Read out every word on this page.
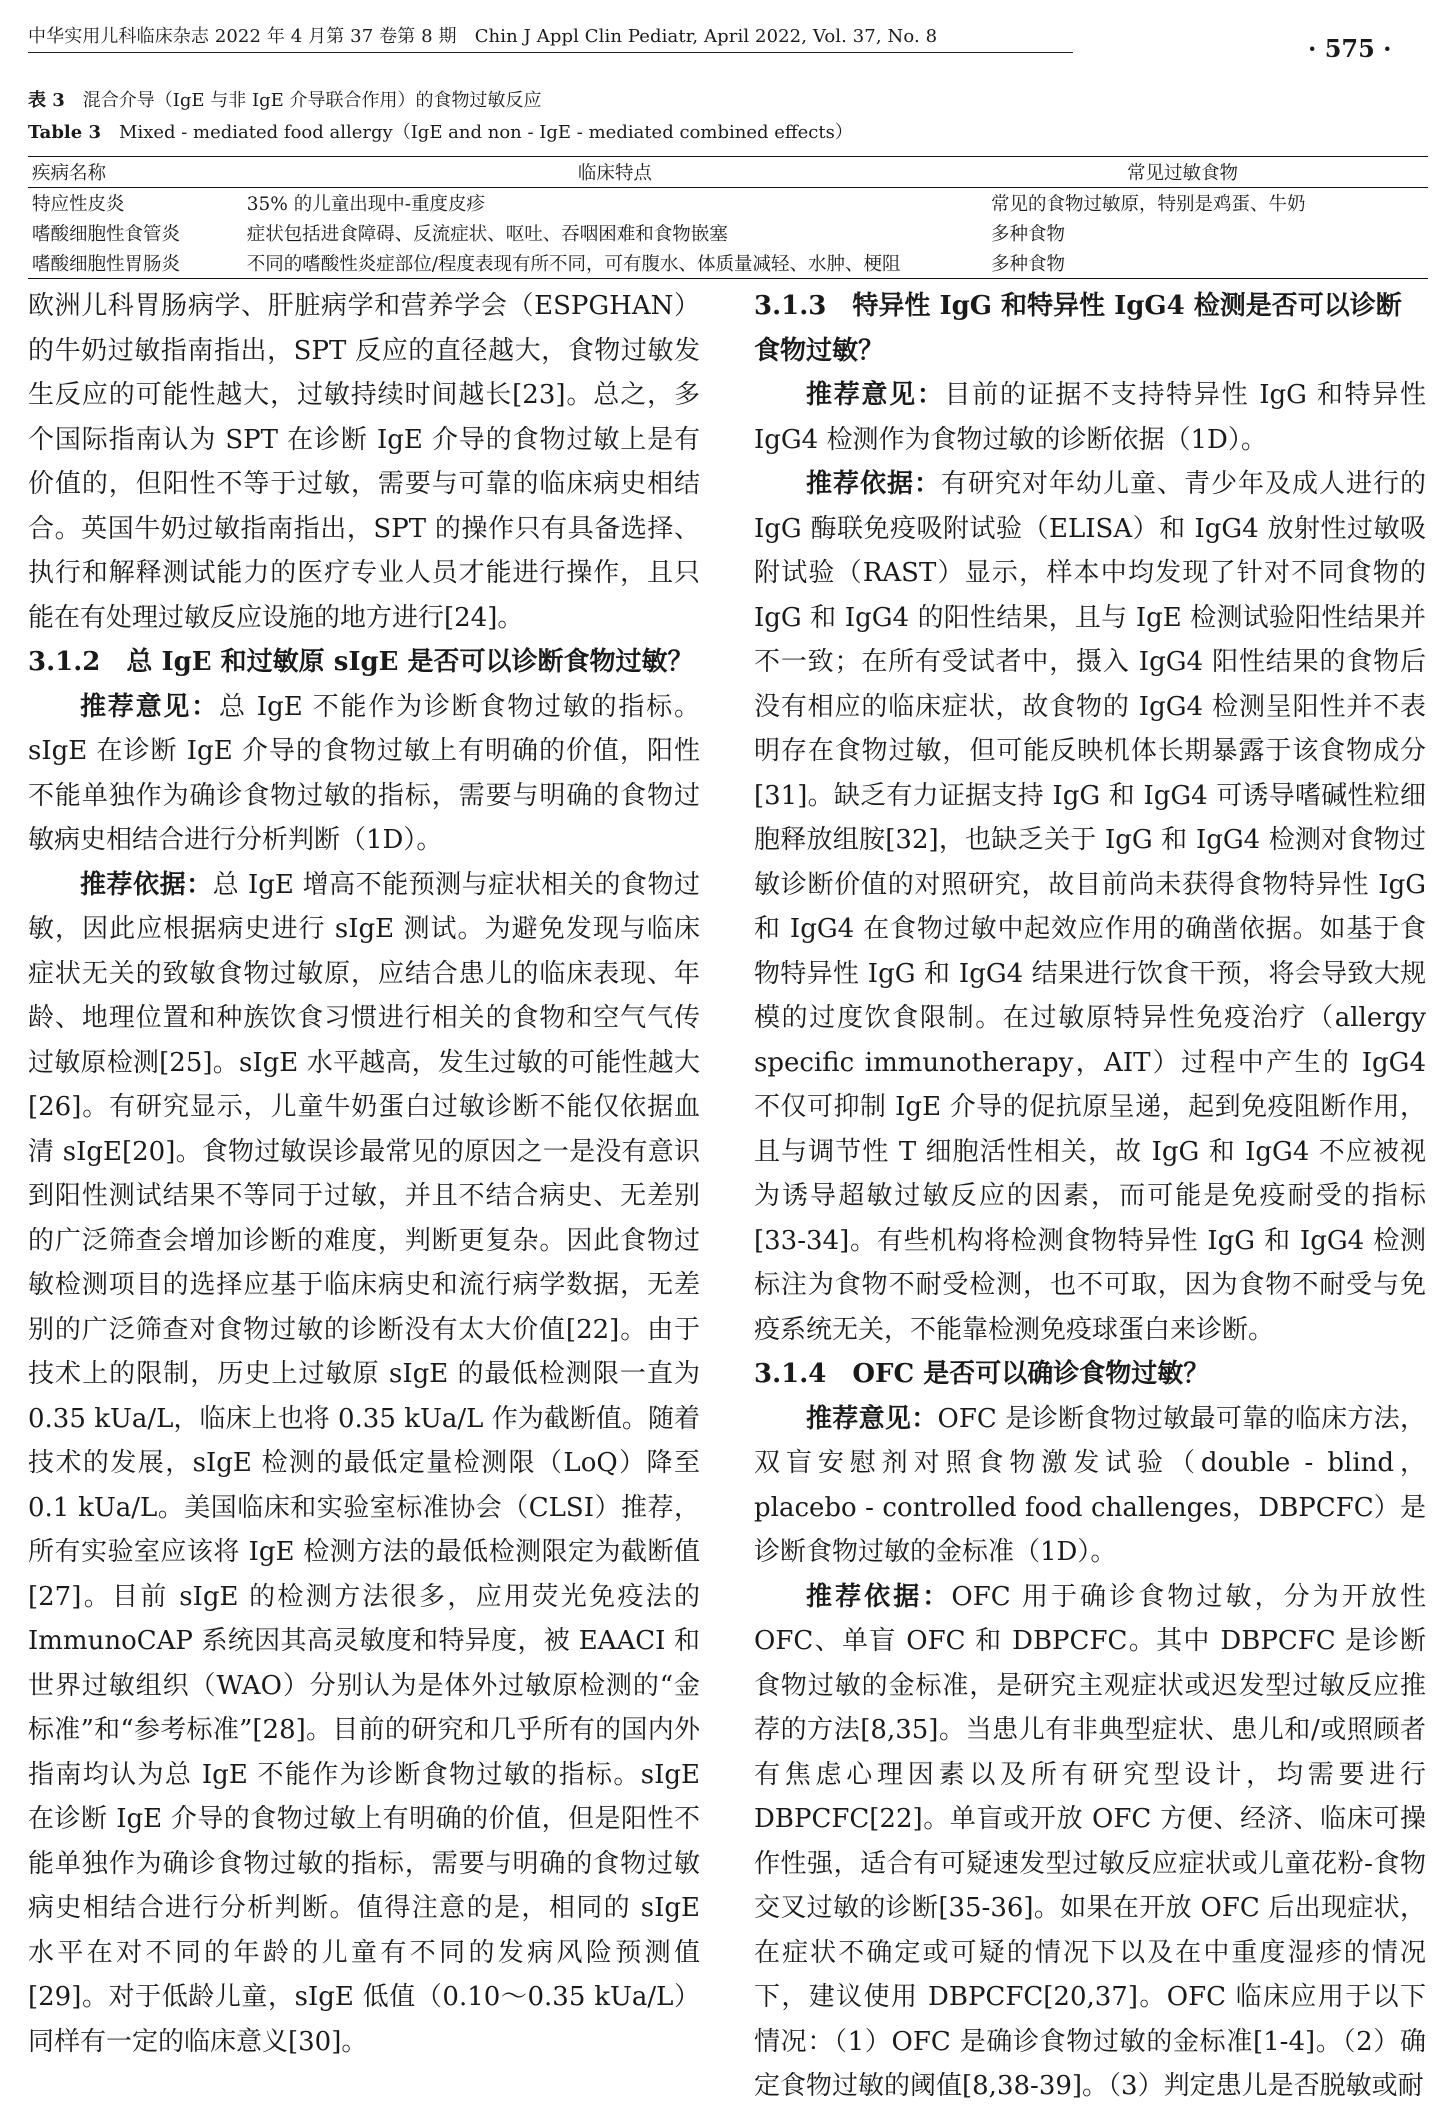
中华实用儿科临床杂志 2022 年 4 月第 37 卷第 8 期　Chin J Appl Clin Pediatr, April 2022, Vol. 37, No. 8	· 575 ·
表 3 混合介导（IgE 与非 IgE 介导联合作用）的食物过敏反应
Table 3 Mixed - mediated food allergy（IgE and non - IgE - mediated combined effects）
疾病名称	临床特点	常见过敏食物
特应性皮炎	35% 的儿童出现中-重度皮疹	常见的食物过敏原，特别是鸡蛋、牛奶
嗜酸细胞性食管炎	症状包括进食障碍、反流症状、呕吐、吞咽困难和食物嵌塞	多种食物
嗜酸细胞性胃肠炎	不同的嗜酸性炎症部位/程度表现有所不同，可有腹水、体质量减轻、水肿、梗阻	多种食物

欧洲儿科胃肠病学、肝脏病学和营养学会（ESPGHAN）的牛奶过敏指南指出，SPT 反应的直径越大，食物过敏发生反应的可能性越大，过敏持续时间越长[23]。总之，多个国际指南认为 SPT 在诊断 IgE 介导的食物过敏上是有价值的，但阳性不等于过敏，需要与可靠的临床病史相结合。英国牛奶过敏指南指出，SPT 的操作只有具备选择、执行和解释测试能力的医疗专业人员才能进行操作，且只能在有处理过敏反应设施的地方进行[24]。

3.1.2 总 IgE 和过敏原 sIgE 是否可以诊断食物过敏？

推荐意见：总 IgE 不能作为诊断食物过敏的指标。sIgE 在诊断 IgE 介导的食物过敏上有明确的价值，阳性不能单独作为确诊食物过敏的指标，需要与明确的食物过敏病史相结合进行分析判断（1D）。

推荐依据：总 IgE 增高不能预测与症状相关的食物过敏，因此应根据病史进行 sIgE 测试。为避免发现与临床症状无关的致敏食物过敏原，应结合患儿的临床表现、年龄、地理位置和种族饮食习惯进行相关的食物和空气气传过敏原检测[25]。sIgE 水平越高，发生过敏的可能性越大[26]。有研究显示，儿童牛奶蛋白过敏诊断不能仅依据血清 sIgE[20]。食物过敏误诊最常见的原因之一是没有意识到阳性测试结果不等同于过敏，并且不结合病史、无差别的广泛筛查会增加诊断的难度，判断更复杂。因此食物过敏检测项目的选择应基于临床病史和流行病学数据，无差别的广泛筛查对食物过敏的诊断没有太大价值[22]。由于技术上的限制，历史上过敏原 sIgE 的最低检测限一直为 0.35 kUa/L，临床上也将 0.35 kUa/L 作为截断值。随着技术的发展，sIgE 检测的最低定量检测限（LoQ）降至 0.1 kUa/L。美国临床和实验室标准协会（CLSI）推荐，所有实验室应该将 IgE 检测方法的最低检测限定为截断值[27]。目前 sIgE 的检测方法很多，应用荧光免疫法的 ImmunoCAP 系统因其高灵敏度和特异度，被 EAACI 和世界过敏组织（WAO）分别认为是体外过敏原检测的“金标准”和“参考标准”[28]。目前的研究和几乎所有的国内外指南均认为总 IgE 不能作为诊断食物过敏的指标。sIgE 在诊断 IgE 介导的食物过敏上有明确的价值，但是阳性不能单独作为确诊食物过敏的指标，需要与明确的食物过敏病史相结合进行分析判断。值得注意的是，相同的 sIgE 水平在对不同的年龄的儿童有不同的发病风险预测值[29]。对于低龄儿童，sIgE 低值（0.10～0.35 kUa/L）同样有一定的临床意义[30]。

3.1.3 特异性 IgG 和特异性 IgG4 检测是否可以诊断食物过敏？

推荐意见：目前的证据不支持特异性 IgG 和特异性 IgG4 检测作为食物过敏的诊断依据（1D）。

推荐依据：有研究对年幼儿童、青少年及成人进行的 IgG 酶联免疫吸附试验（ELISA）和 IgG4 放射性过敏吸附试验（RAST）显示，样本中均发现了针对不同食物的 IgG 和 IgG4 的阳性结果，且与 IgE 检测试验阳性结果并不一致；在所有受试者中，摄入 IgG4 阳性结果的食物后没有相应的临床症状，故食物的 IgG4 检测呈阳性并不表明存在食物过敏，但可能反映机体长期暴露于该食物成分[31]。缺乏有力证据支持 IgG 和 IgG4 可诱导嗜碱性粒细胞释放组胺[32]，也缺乏关于 IgG 和 IgG4 检测对食物过敏诊断价值的对照研究，故目前尚未获得食物特异性 IgG 和 IgG4 在食物过敏中起效应作用的确凿依据。如基于食物特异性 IgG 和 IgG4 结果进行饮食干预，将会导致大规模的过度饮食限制。在过敏原特异性免疫治疗（allergy specific immunotherapy，AIT）过程中产生的 IgG4 不仅可抑制 IgE 介导的促抗原呈递，起到免疫阻断作用，且与调节性 T 细胞活性相关，故 IgG 和 IgG4 不应被视为诱导超敏过敏反应的因素，而可能是免疫耐受的指标[33-34]。有些机构将检测食物特异性 IgG 和 IgG4 检测标注为食物不耐受检测，也不可取，因为食物不耐受与免疫系统无关，不能靠检测免疫球蛋白来诊断。

3.1.4 OFC 是否可以确诊食物过敏？

推荐意见：OFC 是诊断食物过敏最可靠的临床方法，双盲安慰剂对照食物激发试验（double - blind，placebo - controlled food challenges，DBPCFC）是诊断食物过敏的金标准（1D）。

推荐依据：OFC 用于确诊食物过敏，分为开放性 OFC、单盲 OFC 和 DBPCFC。其中 DBPCFC 是诊断食物过敏的金标准，是研究主观症状或迟发型过敏反应推荐的方法[8,35]。当患儿有非典型症状、患儿和/或照顾者有焦虑心理因素以及所有研究型设计，均需要进行 DBPCFC[22]。单盲或开放 OFC 方便、经济、临床可操作性强，适合有可疑速发型过敏反应症状或儿童花粉-食物交叉过敏的诊断[35-36]。如果在开放 OFC 后出现症状，在症状不确定或可疑的情况下以及在中重度湿疹的情况下，建议使用 DBPCFC[20,37]。OFC 临床应用于以下情况：（1）OFC 是确诊食物过敏的金标准[1-4]。（2）确定食物过敏的阈值[8,38-39]。（3）判定患儿是否脱敏或耐
